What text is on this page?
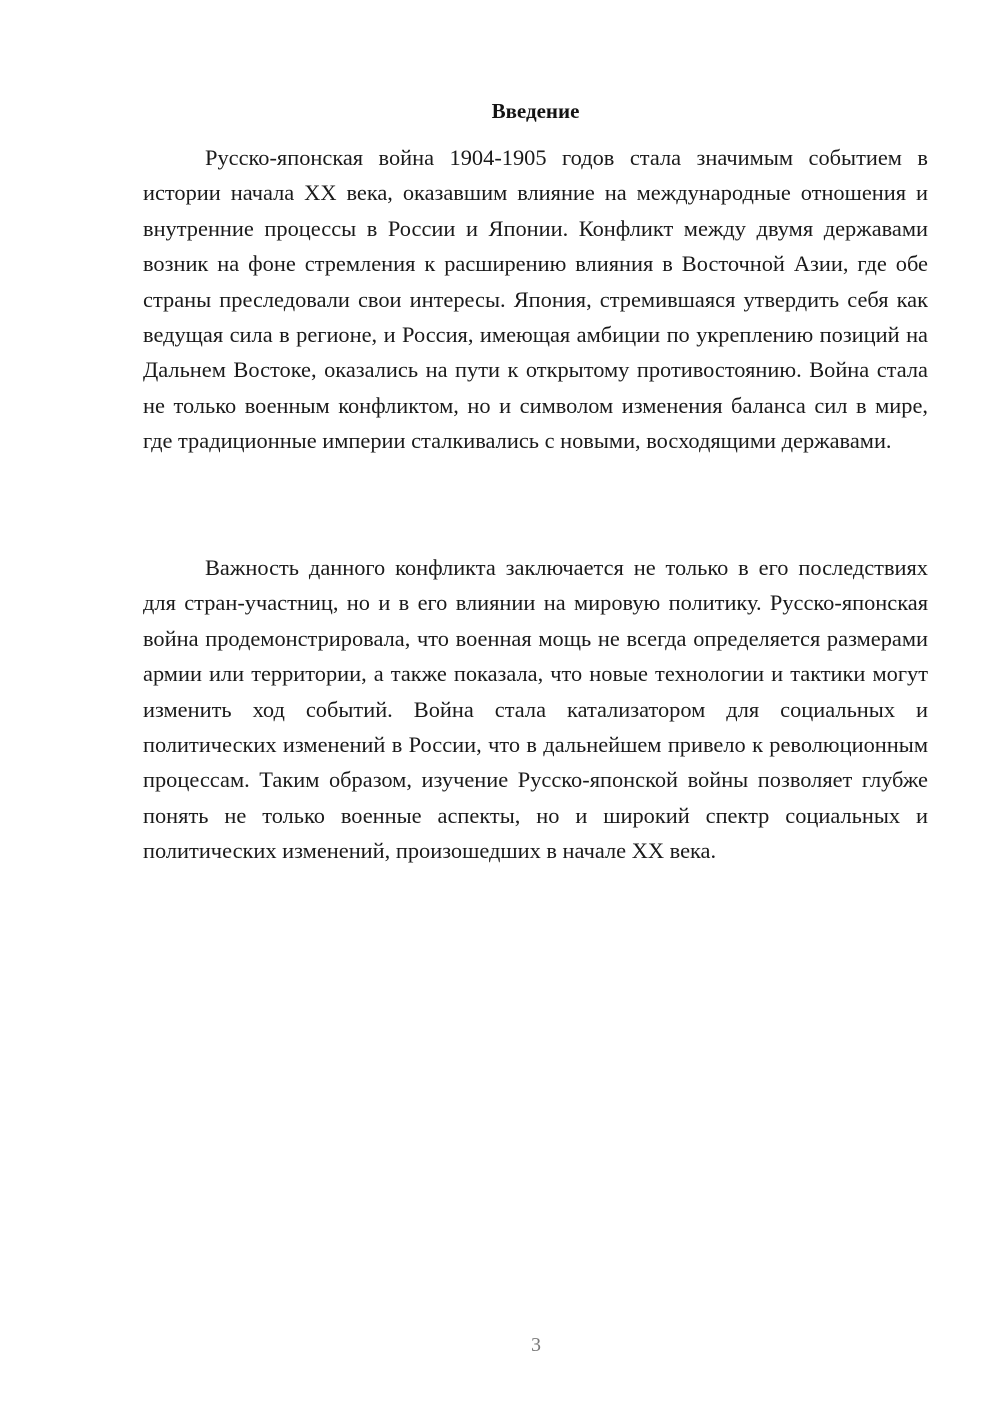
Введение

Русско-японская война 1904-1905 годов стала значимым событием в истории начала XX века, оказавшим влияние на международные отношения и внутренние процессы в России и Японии. Конфликт между двумя державами возник на фоне стремления к расширению влияния в Восточной Азии, где обе страны преследовали свои интересы. Япония, стремившаяся утвердить себя как ведущая сила в регионе, и Россия, имеющая амбиции по укреплению позиций на Дальнем Востоке, оказались на пути к открытому противостоянию. Война стала не только военным конфликтом, но и символом изменения баланса сил в мире, где традиционные империи сталкивались с новыми, восходящими державами.

Важность данного конфликта заключается не только в его последствиях для стран-участниц, но и в его влиянии на мировую политику. Русско-японская война продемонстрировала, что военная мощь не всегда определяется размерами армии или территории, а также показала, что новые технологии и тактики могут изменить ход событий. Война стала катализатором для социальных и политических изменений в России, что в дальнейшем привело к революционным процессам. Таким образом, изучение Русско-японской войны позволяет глубже понять не только военные аспекты, но и широкий спектр социальных и политических изменений, произошедших в начале XX века.

3
